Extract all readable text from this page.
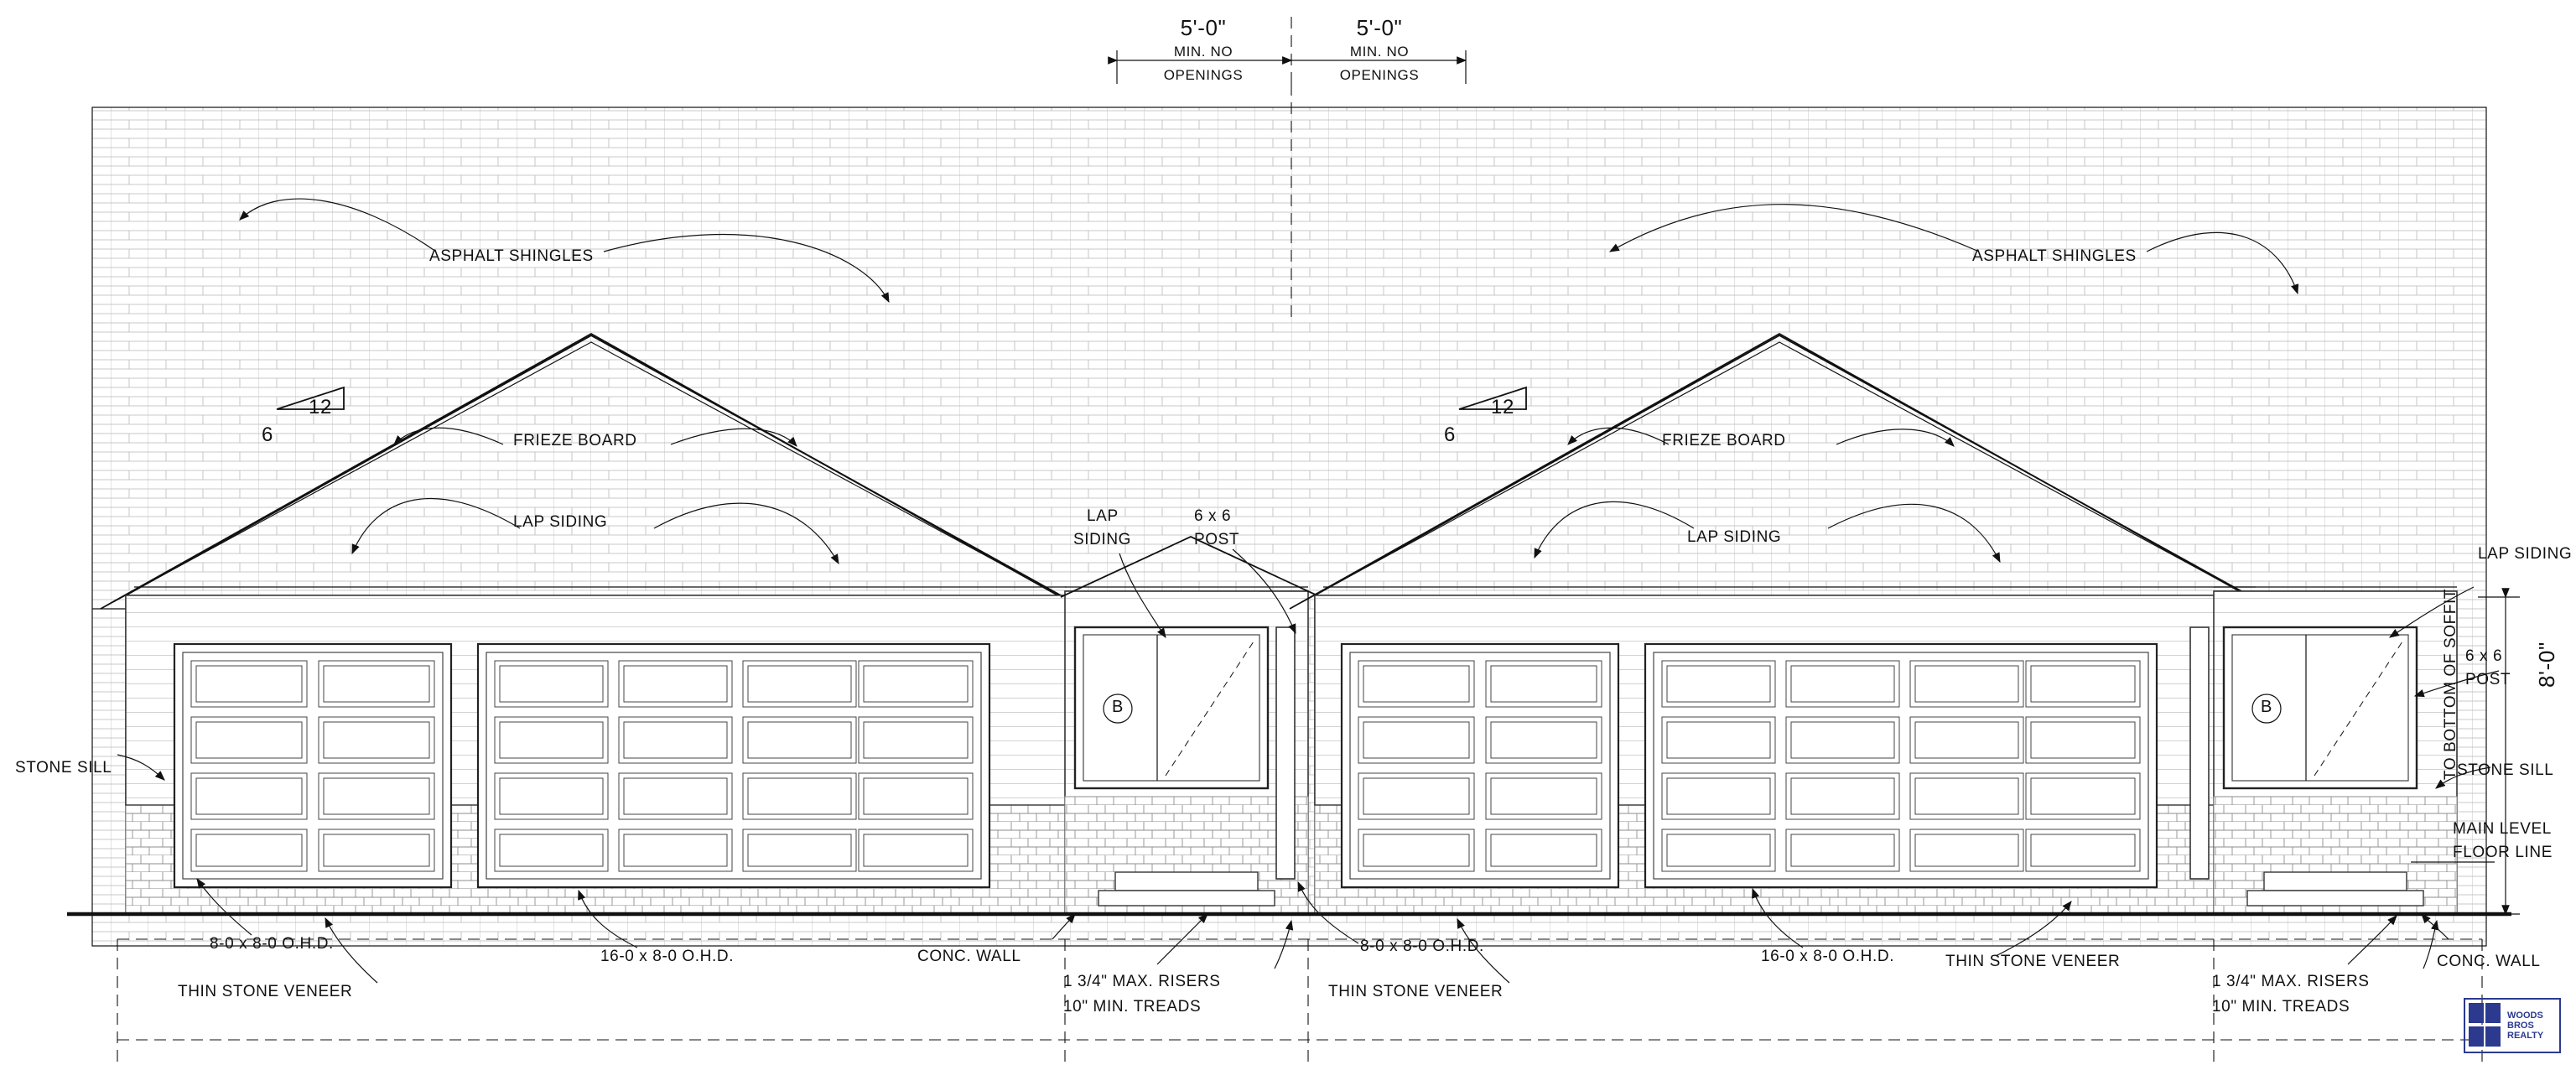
5'-0"
MIN. NO
OPENINGS
5'-0"
MIN. NO
OPENINGS
12
6
12
6
ASPHALT SHINGLES	ASPHALT SHINGLES
FRIEZE BOARD	FRIEZE BOARD
LAP SIDING
LAP SIDING
LAP
SIDING
LAP SIDING
6 x 6
POST
6 x 6
POST
STONE SILL	STONE SILL
MAIN LEVEL
FLOOR LINE
8-0 x 8-0 O.H.D.
16-0 x 8-0 O.H.D.
8-0 x 8-0 O.H.D.
16-0 x 8-0 O.H.D.
THIN STONE VENEER	THIN STONE VENEER
THIN STONE VENEER
CONC. WALL	CONC. WALL
1 3/4" MAX. RISERS
10" MIN. TREADS
1 3/4" MAX. RISERS
10" MIN. TREADS
8'-0"
TO BOTTOM OF SOFFIT
B	B
WOODS
BROS
REALTY
